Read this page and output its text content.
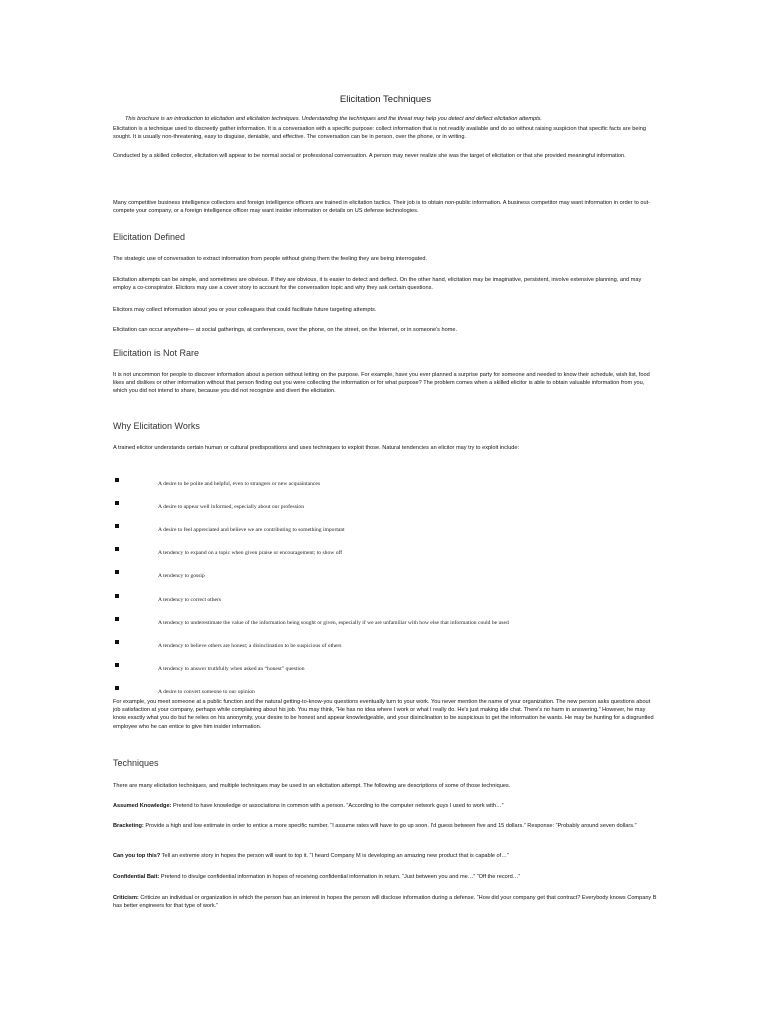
Elicitation Techniques
This brochure is an introduction to elicitation and elicitation techniques. Understanding the techniques and the threat may help you detect and deflect elicitation attempts.
Elicitation is a technique used to discreetly gather information. It is a conversation with a specific purpose: collect information that is not readily available and do so without raising suspicion that specific facts are being sought. It is usually non-threatening, easy to disguise, deniable, and effective. The conversation can be in person, over the phone, or in writing.
Conducted by a skilled collector, elicitation will appear to be normal social or professional conversation. A person may never realize she was the target of elicitation or that she provided meaningful information.
Many competitive business intelligence collectors and foreign intelligence officers are trained in elicitation tactics. Their job is to obtain non-public information. A business competitor may want information in order to out-compete your company, or a foreign intelligence officer may want insider information or details on US defense technologies.
Elicitation Defined
The strategic use of conversation to extract information from people without giving them the feeling they are being interrogated.
Elicitation attempts can be simple, and sometimes are obvious. If they are obvious, it is easier to detect and deflect. On the other hand, elicitation may be imaginative, persistent, involve extensive planning, and may employ a co-conspirator. Elicitors may use a cover story to account for the conversation topic and why they ask certain questions.
Elicitors may collect information about you or your colleagues that could facilitate future targeting attempts.
Elicitation can occur anywhere— at social gatherings, at conferences, over the phone, on the street, on the Internet, or in someone's home.
Elicitation is Not Rare
It is not uncommon for people to discover information about a person without letting on the purpose. For example, have you ever planned a surprise party for someone and needed to know their schedule, wish list, food likes and dislikes or other information without that person finding out you were collecting the information or for what purpose? The problem comes when a skilled elicitor is able to obtain valuable information from you, which you did not intend to share, because you did not recognize and divert the elicitation.
Why Elicitation Works
A trained elicitor understands certain human or cultural predispositions and uses techniques to exploit those. Natural tendencies an elicitor may try to exploit include:
A desire to be polite and helpful, even to strangers or new acquaintances
A desire to appear well informed, especially about our profession
A desire to feel appreciated and believe we are contributing to something important
A tendency to expand on a topic when given praise or encouragement; to show off
A tendency to gossip
A tendency to correct others
A tendency to underestimate the value of the information being sought or given, especially if we are unfamiliar with how else that information could be used
A tendency to believe others are honest; a disinclination to be suspicious of others
A tendency to answer truthfully when asked an “honest” question
A desire to convert someone to our opinion
For example, you meet someone at a public function and the natural getting-to-know-you questions eventually turn to your work. You never mention the name of your organization. The new person asks questions about job satisfaction at your company, perhaps while complaining about his job. You may think, “He has no idea where I work or what I really do. He's just making idle chat. There's no harm in answering.” However, he may know exactly what you do but he relies on his anonymity, your desire to be honest and appear knowledgeable, and your disinclination to be suspicious to get the information he wants. He may be hunting for a disgruntled employee who he can entice to give him insider information.
Techniques
There are many elicitation techniques, and multiple techniques may be used in an elicitation attempt. The following are descriptions of some of those techniques.
Assumed Knowledge: Pretend to have knowledge or associations in common with a person. “According to the computer network guys I used to work with…”
Bracketing: Provide a high and low estimate in order to entice a more specific number. “I assume rates will have to go up soon. I'd guess between five and 15 dollars.” Response: “Probably around seven dollars.”
Can you top this? Tell an extreme story in hopes the person will want to top it. “I heard Company M is developing an amazing new product that is capable of…”
Confidential Bait: Pretend to divulge confidential information in hopes of receiving confidential information in return. “Just between you and me…” “Off the record…”
Criticism: Criticize an individual or organization in which the person has an interest in hopes the person will disclose information during a defense. “How did your company get that contract? Everybody knows Company B has better engineers for that type of work.”
